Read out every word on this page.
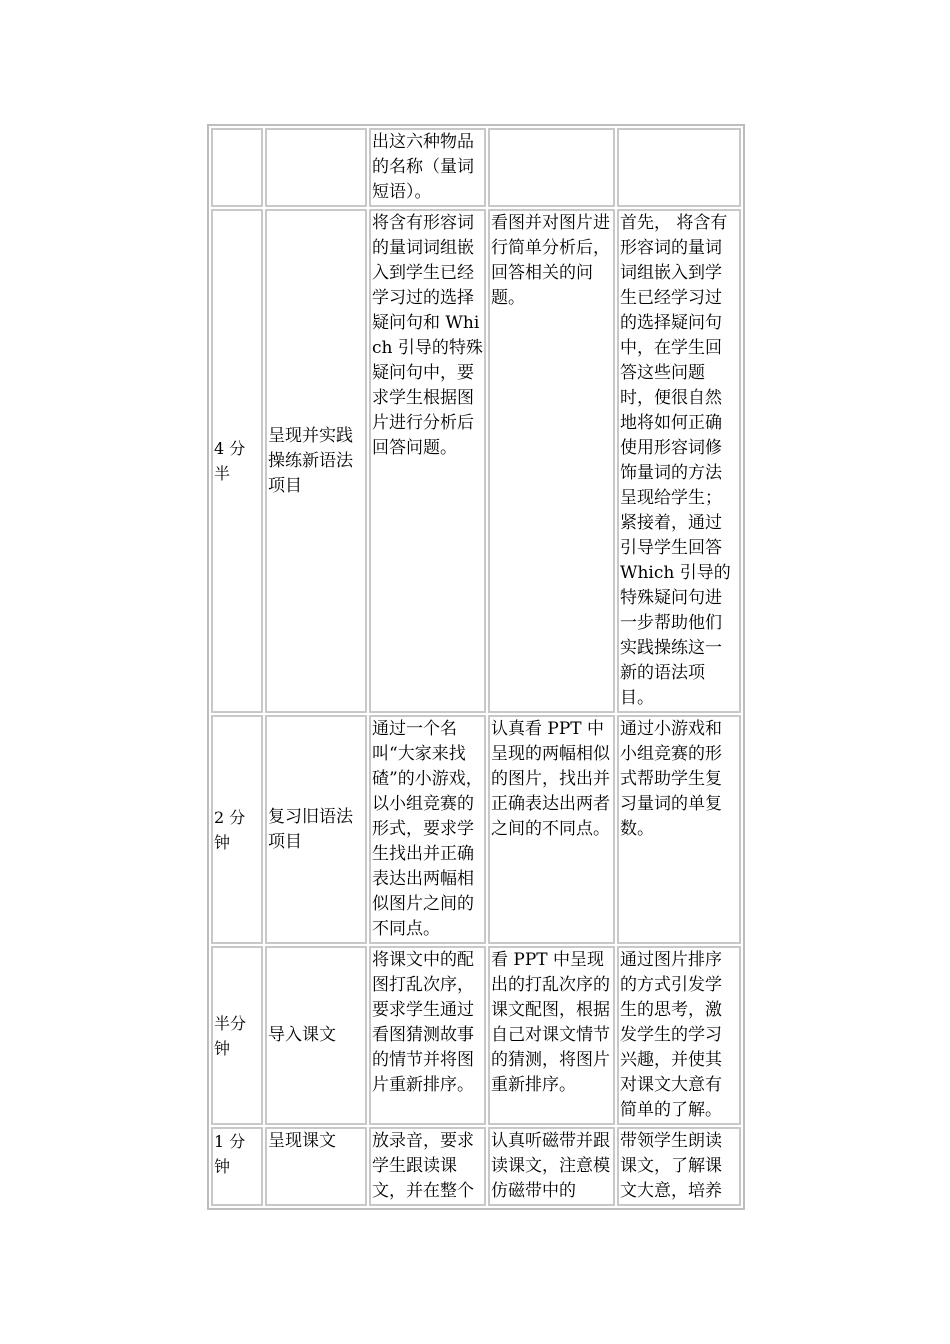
		出这六种物品的名称（量词短语）。		
4 分半	呈现并实践操练新语法项目	将含有形容词的量词词组嵌入到学生已经学习过的选择疑问句和 Which 引导的特殊疑问句中，要求学生根据图片进行分析后回答问题。	看图并对图片进行简单分析后，回答相关的问题。	首先， 将含有形容词的量词词组嵌入到学生已经学习过的选择疑问句中，在学生回答这些问题时，便很自然地将如何正确使用形容词修饰量词的方法呈现给学生；紧接着，通过引导学生回答 Which 引导的特殊疑问句进一步帮助他们实践操练这一新的语法项目。
2 分钟	复习旧语法项目	通过一个名叫“大家来找碴”的小游戏，以小组竞赛的形式，要求学生找出并正确表达出两幅相似图片之间的不同点。	认真看 PPT 中呈现的两幅相似的图片，找出并正确表达出两者之间的不同点。	通过小游戏和小组竞赛的形式帮助学生复习量词的单复数。
半分钟	导入课文	将课文中的配图打乱次序，要求学生通过看图猜测故事的情节并将图片重新排序。	看 PPT 中呈现出的打乱次序的课文配图，根据自己对课文情节的猜测，将图片重新排序。	通过图片排序的方式引发学生的思考，激发学生的学习兴趣，并使其对课文大意有简单的了解。
1 分钟	呈现课文	放录音，要求学生跟读课文，并在整个	认真听磁带并跟读课文，注意模仿磁带中的	带领学生朗读课文，了解课文大意，培养
